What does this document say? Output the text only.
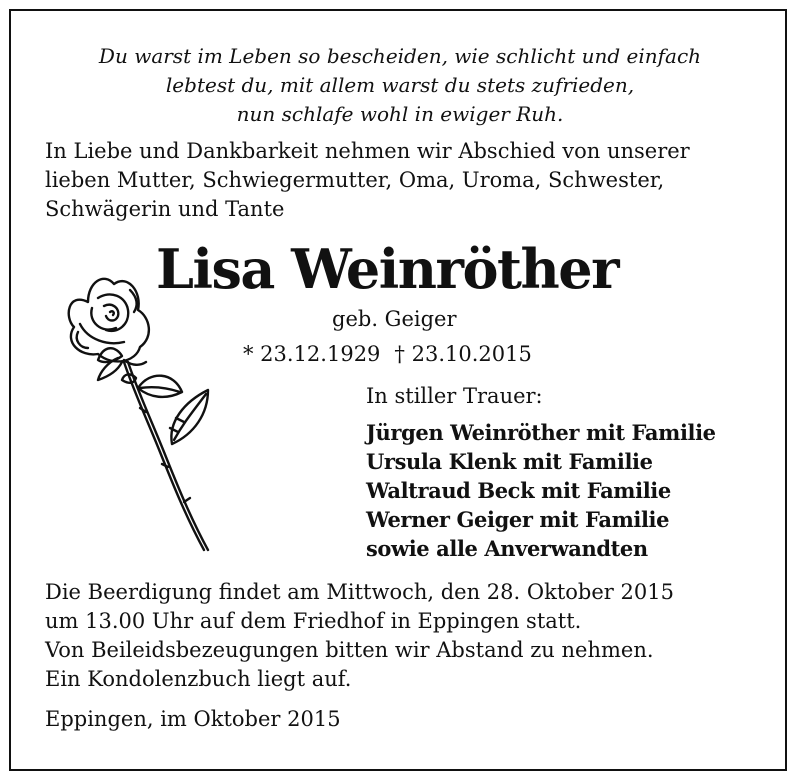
Du warst im Leben so bescheiden, wie schlicht und einfach
lebtest du, mit allem warst du stets zufrieden,
nun schlafe wohl in ewiger Ruh.
In Liebe und Dankbarkeit nehmen wir Abschied von unserer
lieben Mutter, Schwiegermutter, Oma, Uroma, Schwester,
Schwägerin und Tante
Lisa Weinröther
geb. Geiger
* 23.12.1929 † 23.10.2015
In stiller Trauer:
Jürgen Weinröther mit Familie
Ursula Klenk mit Familie
Waltraud Beck mit Familie
Werner Geiger mit Familie
sowie alle Anverwandten
Die Beerdigung findet am Mittwoch, den 28. Oktober 2015
um 13.00 Uhr auf dem Friedhof in Eppingen statt.
Von Beileidsbezeugungen bitten wir Abstand zu nehmen.
Ein Kondolenzbuch liegt auf.
Eppingen, im Oktober 2015
